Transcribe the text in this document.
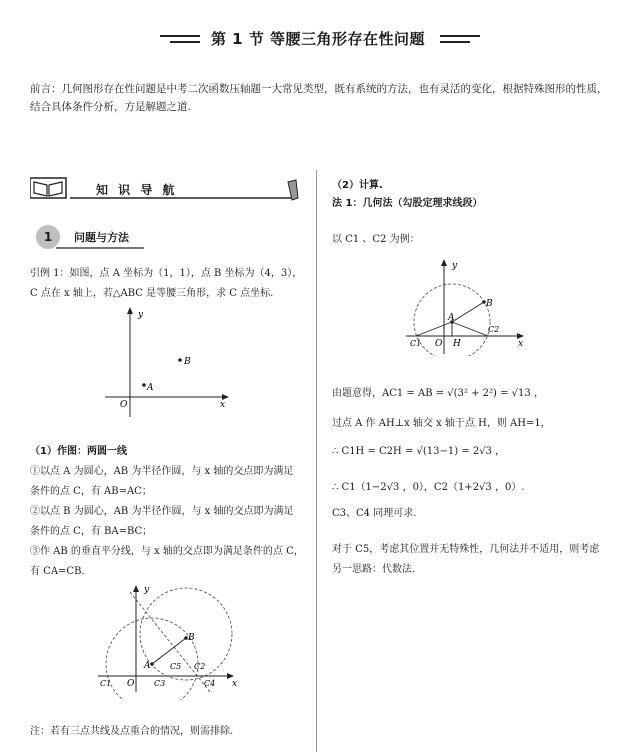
第 1 节 等腰三角形存在性问题
前言：几何图形存在性问题是中考二次函数压轴题一大常见类型，既有系统的方法，也有灵活的变化，根据特殊图形的性质，结合具体条件分析，方是解题之道.
知 识 导 航
1	问题与方法
引例 1：如图，点 A 坐标为（1，1），点 B 坐标为（4，3），
C 点在 x 轴上，若△ABC 是等腰三角形，求 C 点坐标.
y
x
O
A
B
（1）作图：两圆一线
①以点 A 为圆心，AB 为半径作圆，与 x 轴的交点即为满足
条件的点 C，有 AB=AC；
②以点 B 为圆心，AB 为半径作圆，与 x 轴的交点即为满足
条件的点 C，有 BA=BC；
③作 AB 的垂直平分线，与 x 轴的交点即为满足条件的点 C，
有 CA=CB.
y
x
O
A
B
C1
C2
C3	C4
C5
注：若有三点共线及点重合的情况，则需排除.
（2）计算.
法 1：几何法（勾股定理求线段）
以 C1 、C2 为例：
y
x
O
A
B
H
C1
C2
由题意得，AC1 = AB = √(3² + 2²) = √13 ，
过点 A 作 AH⊥x 轴交 x 轴于点 H，则 AH=1，
∴ C1H = C2H = √(13−1) = 2√3 ，
∴ C1（1−2√3 ，0），C2（1+2√3 ，0）.
C3、C4 同理可求.
对于 C5，考虑其位置并无特殊性，几何法并不适用，则考虑
另一思路：代数法.
